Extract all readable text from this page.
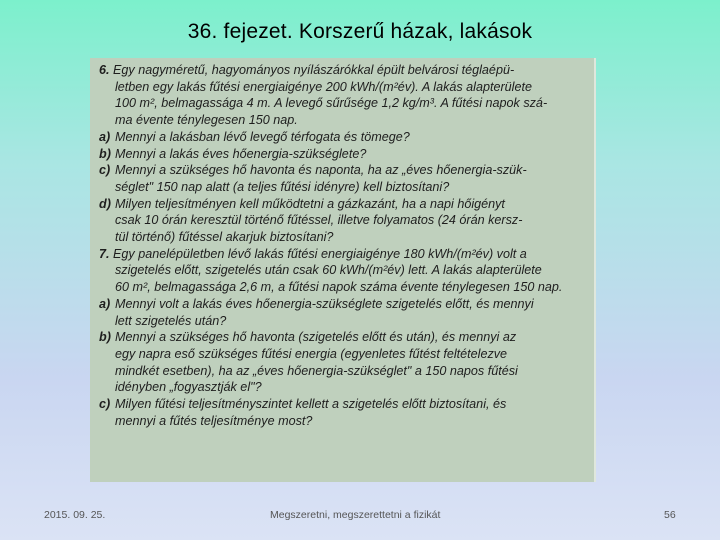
36. fejezet. Korszerű házak, lakások
6. Egy nagyméretű, hagyományos nyílászárókkal épült belvárosi téglaépü-
letben egy lakás fűtési energiaigénye 200 kWh/(m²év). A lakás alapterülete
100 m², belmagassága 4 m. A levegő sűrűsége 1,2 kg/m³. A fűtési napok szá-
ma évente ténylegesen 150 nap.
a) Mennyi a lakásban lévő levegő térfogata és tömege?
b) Mennyi a lakás éves hőenergia-szükséglete?
c) Mennyi a szükséges hő havonta és naponta, ha az „éves hőenergia-szük-
séglet" 150 nap alatt (a teljes fűtési idényre) kell biztosítani?
d) Milyen teljesítményen kell működtetni a gázkazánt, ha a napi hőigényt
csak 10 órán keresztül történő fűtéssel, illetve folyamatos (24 órán kersz-
tül történő) fűtéssel akarjuk biztosítani?
7. Egy panelépületben lévő lakás fűtési energiaigénye 180 kWh/(m²év) volt a
szigetelés előtt, szigetelés után csak 60 kWh/(m²év) lett. A lakás alapterülete
60 m², belmagassága 2,6 m, a fűtési napok száma évente ténylegesen 150 nap.
a) Mennyi volt a lakás éves hőenergia-szükséglete szigetelés előtt, és mennyi
lett szigetelés után?
b) Mennyi a szükséges hő havonta (szigetelés előtt és után), és mennyi az
egy napra eső szükséges fűtési energia (egyenletes fűtést feltételezve
mindkét esetben), ha az „éves hőenergia-szükséglet" a 150 napos fűtési
idényben „fogyasztják el"?
c) Milyen fűtési teljesítményszintet kellett a szigetelés előtt biztosítani, és
mennyi a fűtés teljesítménye most?
2015. 09. 25.	Megszeretni, megszerettetni a fizikát	56
